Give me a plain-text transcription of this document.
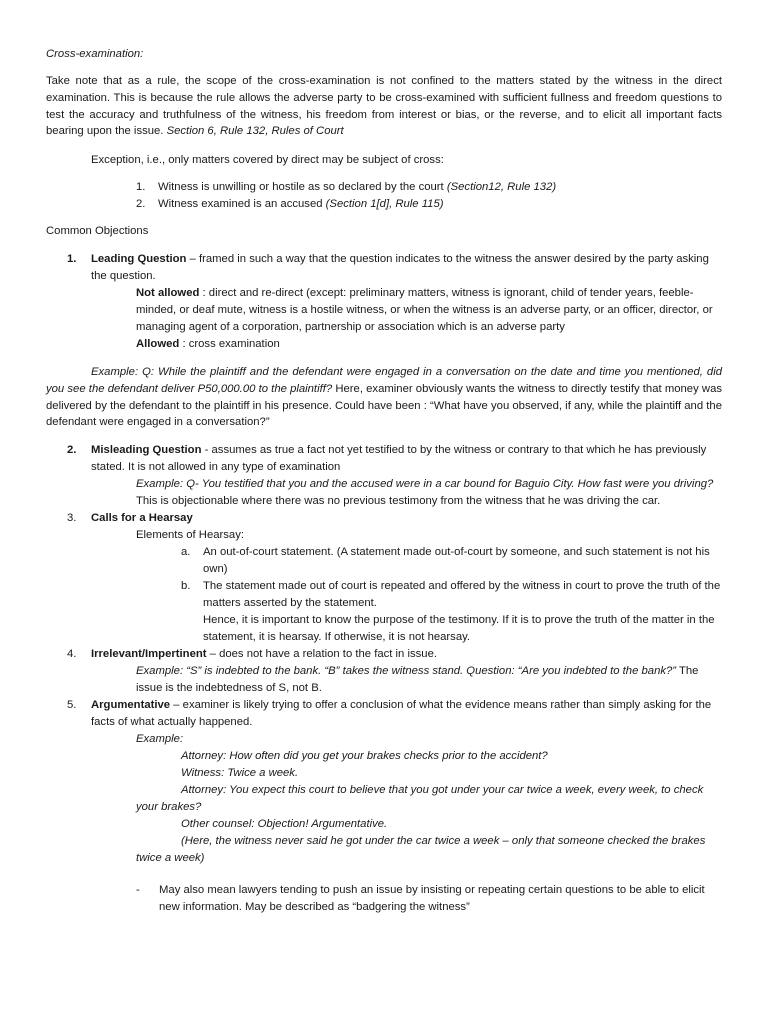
Cross-examination:
Take note that as a rule, the scope of the cross-examination is not confined to the matters stated by the witness in the direct examination. This is because the rule allows the adverse party to be cross-examined with sufficient fullness and freedom questions to test the accuracy and truthfulness of the witness, his freedom from interest or bias, or the reverse, and to elicit all important facts bearing upon the issue. Section 6, Rule 132, Rules of Court
Exception, i.e., only matters covered by direct may be subject of cross:
1. Witness is unwilling or hostile as so declared by the court (Section12, Rule 132)
2. Witness examined is an accused (Section 1[d], Rule 115)
Common Objections
1. Leading Question – framed in such a way that the question indicates to the witness the answer desired by the party asking the question.
Not allowed : direct and re-direct (except: preliminary matters, witness is ignorant, child of tender years, feeble-minded, or deaf mute, witness is a hostile witness, or when the witness is an adverse party, or an officer, director, or managing agent of a corporation, partnership or association which is an adverse party
Allowed : cross examination
Example: Q: While the plaintiff and the defendant were engaged in a conversation on the date and time you mentioned, did you see the defendant deliver P50,000.00 to the plaintiff? Here, examiner obviously wants the witness to directly testify that money was delivered by the defendant to the plaintiff in his presence. Could have been : “What have you observed, if any, while the plaintiff and the defendant were engaged in a conversation?”
2. Misleading Question - assumes as true a fact not yet testified to by the witness or contrary to that which he has previously stated. It is not allowed in any type of examination
Example: Q- You testified that you and the accused were in a car bound for Baguio City. How fast were you driving?
This is objectionable where there was no previous testimony from the witness that he was driving the car.
3. Calls for a Hearsay
Elements of Hearsay:
a. An out-of-court statement. (A statement made out-of-court by someone, and such statement is not his own)
b. The statement made out of court is repeated and offered by the witness in court to prove the truth of the matters asserted by the statement.
Hence, it is important to know the purpose of the testimony. If it is to prove the truth of the matter in the statement, it is hearsay. If otherwise, it is not hearsay.
4. Irrelevant/Impertinent – does not have a relation to the fact in issue.
Example: “S” is indebted to the bank. “B” takes the witness stand. Question: “Are you indebted to the bank?” The issue is the indebtedness of S, not B.
5. Argumentative – examiner is likely trying to offer a conclusion of what the evidence means rather than simply asking for the facts of what actually happened.
Example:
Attorney: How often did you get your brakes checks prior to the accident?
Witness: Twice a week.
Attorney: You expect this court to believe that you got under your car twice a week, every week, to check your brakes?
Other counsel: Objection! Argumentative.
(Here, the witness never said he got under the car twice a week – only that someone checked the brakes twice a week)
- May also mean lawyers tending to push an issue by insisting or repeating certain questions to be able to elicit new information. May be described as “badgering the witness”
